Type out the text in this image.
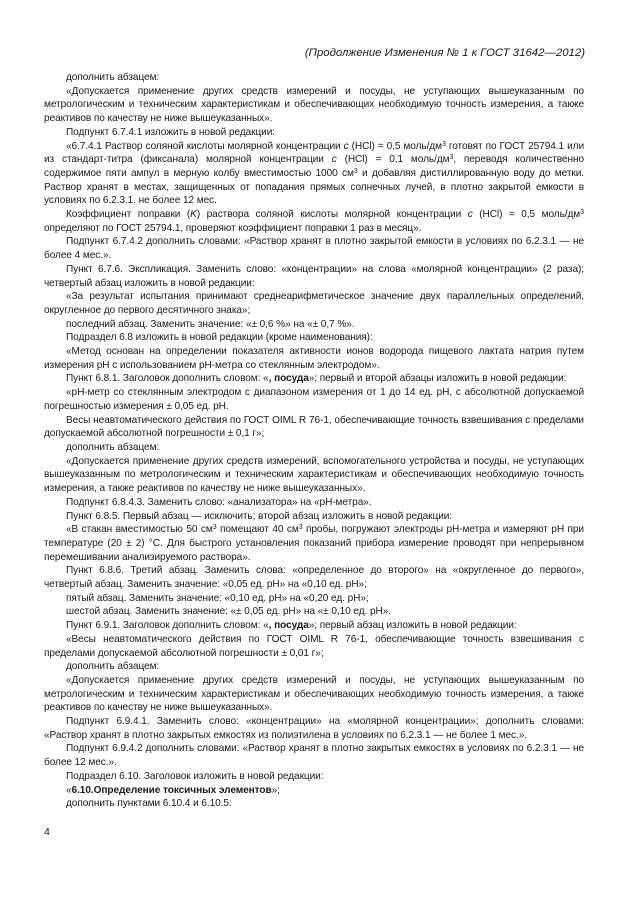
(Продолжение Изменения № 1 к ГОСТ 31642—2012)

дополнить абзацем:

«Допускается применение других средств измерений и посуды, не уступающих вышеуказанным по метрологическим и техническим характеристикам и обеспечивающих необходимую точность измерения, а также реактивов по качеству не ниже вышеуказанных».

Подпункт 6.7.4.1 изложить в новой редакции:

«6.7.4.1 Раствор соляной кислоты молярной концентрации c (HCl) = 0,5 моль/$дм^3$ готовят по ГОСТ 25794.1 или из стандарт-титра (фиксанала) молярной концентрации c (HCl) = 0,1 моль/$дм^3$, переводя количественно содержимое пяти ампул в мерную колбу вместимостью 1000 $см^3$ и добавляя дистиллированную воду до метки. Раствор хранят в местах, защищенных от попадания прямых солнечных лучей, в плотно закрытой емкости в условиях по 6.2.3.1. не более 12 мес.

Коэффициент поправки (K) раствора соляной кислоты молярной концентрации c (HCl) = 0,5 моль/$дм^3$ определяют по ГОСТ 25794.1, проверяют коэффициент поправки 1 раз в месяц».

Подпункт 6.7.4.2 дополнить словами: «Раствор хранят в плотно закрытой емкости в условиях по 6.2.3.1 — не более 4 мес.».

Пункт 6.7.6. Экспликация. Заменить слово: «концентрации» на слова «молярной концентрации» (2 раза); четвертый абзац изложить в новой редакции:

«За результат испытания принимают среднеарифметическое значение двух параллельных определений, округленное до первого десятичного знака»;

последний абзац. Заменить значение: «± 0,6 %» на «± 0,7 %».

Подраздел 6.8 изложить в новой редакции (кроме наименования):

«Метод основан на определении показателя активности ионов водорода пищевого лактата натрия путем измерения pH с использованием pH-метра со стеклянным электродом».

Пункт 6.8.1. Заголовок дополнить словом: «, посуда»; первый и второй абзацы изложить в новой редакции:

«pH-метр со стеклянным электродом с диапазоном измерения от 1 до 14 ед. pH, с абсолютной допускаемой погрешностью измерения ± 0,05 ед. pH.

Весы неавтоматического действия по ГОСТ OIML R 76-1, обеспечивающие точность взвешивания с пределами допускаемой абсолютной погрешности ± 0,1 г»;

дополнить абзацем:

«Допускается применение других средств измерений, вспомогательного устройства и посуды, не уступающих вышеуказанным по метрологическим и техническим характеристикам и обеспечивающих необходимую точность измерения, а также реактивов по качеству не ниже вышеуказанных».

Подпункт 6.8.4.3. Заменить слово: «анализатора» на «pH-метра».

Пункт 6.8.5. Первый абзац — исключить; второй абзац изложить в новой редакции:

«В стакан вместимостью 50 $см^3$ помещают 40 $см^3$ пробы, погружают электроды pH-метра и измеряют pH при температуре (20 ± 2) °С. Для быстрого установления показаний прибора измерение проводят при непрерывном перемешивании анализируемого раствора».

Пункт 6.8.6. Третий абзац. Заменить слова: «определенное до второго» на «округленное до первого», четвертый абзац. Заменить значение: «0,05 ед. pH» на «0,10 ед. pH»;

пятый абзац. Заменить значение: «0,10 ед. pH» на «0,20 ед. pH»;

шестой абзац. Заменить значение: «± 0,05 ед. pH» на «± 0,10 ед. pH».

Пункт 6.9.1. Заголовок дополнить словом: «, посуда»; первый абзац изложить в новой редакции:

«Весы неавтоматического действия по ГОСТ OIML R 76-1, обеспечивающие точность взвешивания с пределами допускаемой абсолютной погрешности ± 0,01 г»;

дополнить абзацем:

«Допускается применение других средств измерений и посуды, не уступающих вышеуказанным по метрологическим и техническим характеристикам и обеспечивающих необходимую точность измерения, а также реактивов по качеству не ниже вышеуказанных».

Подпункт 6.9.4.1. Заменить слово: «концентрации» на «молярной концентрации»; дополнить словами: «Раствор хранят в плотно закрытых емкостях из полиэтилена в условиях по 6.2.3.1 — не более 1 мес.».

Подпункт 6.9.4.2 дополнить словами: «Раствор хранят в плотно закрытых емкостях в условиях по 6.2.3.1 — не более 12 мес.».

Подраздел 6.10. Заголовок изложить в новой редакции:

«6.10.Определение токсичных элементов»;

дополнить пунктами 6.10.4 и 6.10.5:

4
